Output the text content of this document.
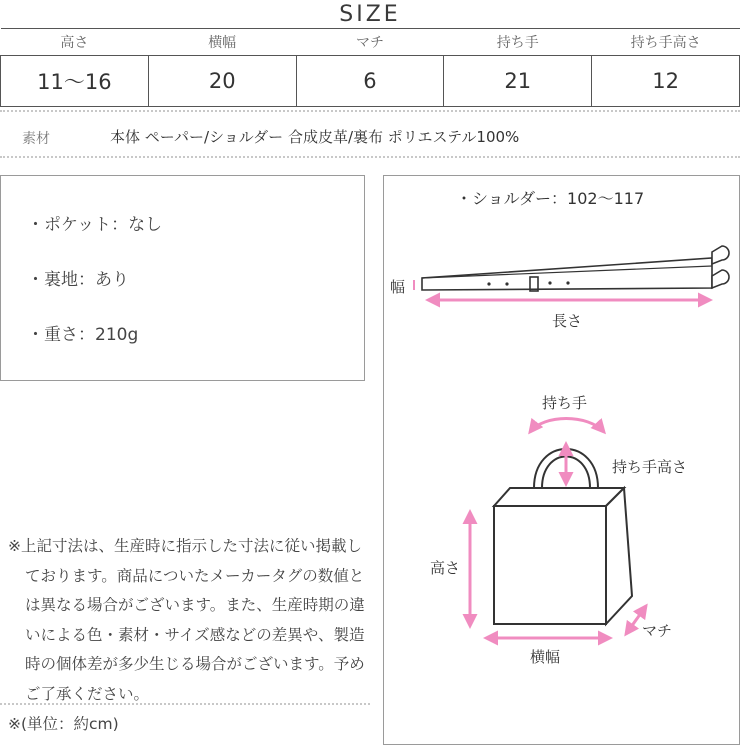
SIZE
高さ	横幅	マチ	持ち手	持ち手高さ
11〜16	20	6	21	12
素材	本体 ペーパー/ショルダー 合成皮革/裏布 ポリエステル100%
・ポケット：なし
・裏地：あり
・重さ：210g
※上記寸法は、生産時に指示した寸法に従い掲載しております。商品についたメーカータグの数値とは異なる場合がございます。また、生産時期の違いによる色・素材・サイズ感などの差異や、製造時の個体差が多少生じる場合がございます。予めご了承ください。
※(単位：約cm)
・ショルダー：102〜117
幅
長さ
持ち手
持ち手高さ
高さ
マチ
横幅
